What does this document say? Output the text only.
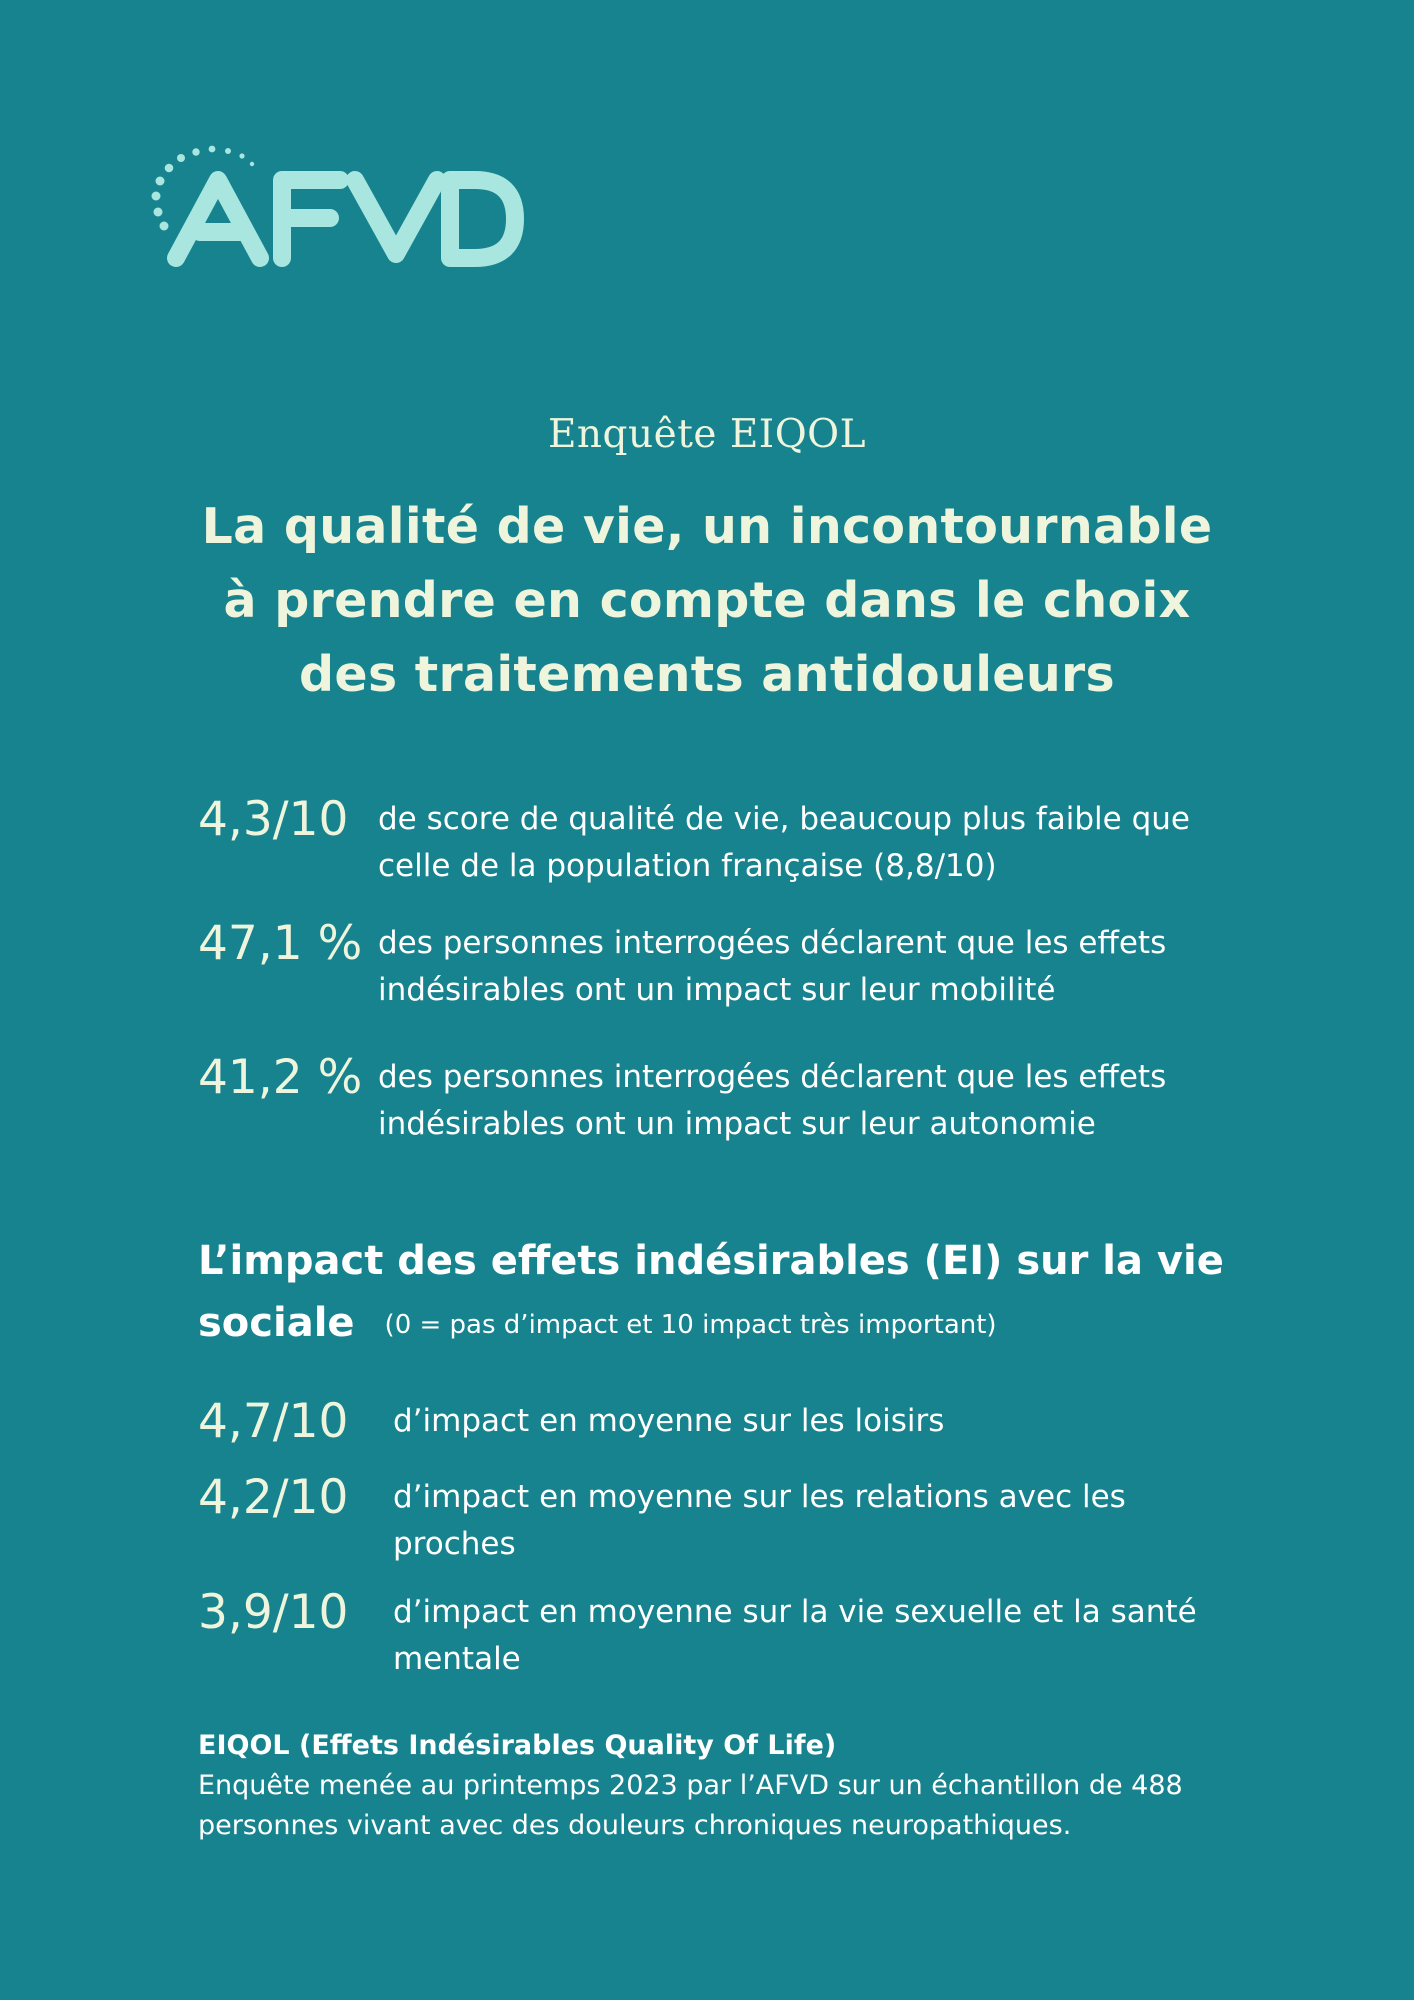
Enquête EIQOL
La qualité de vie, un incontournable
à prendre en compte dans le choix
des traitements antidouleurs
4,3/10 de score de qualité de vie, beaucoup plus faible que
celle de la population française (8,8/10)
47,1 % des personnes interrogées déclarent que les effets
indésirables ont un impact sur leur mobilité
41,2 % des personnes interrogées déclarent que les effets
indésirables ont un impact sur leur autonomie
L’impact des effets indésirables (EI) sur la vie
sociale (0 = pas d’impact et 10 impact très important)
4,7/10 d’impact en moyenne sur les loisirs
4,2/10 d’impact en moyenne sur les relations avec les
proches
3,9/10 d’impact en moyenne sur la vie sexuelle et la santé
mentale
EIQOL (Effets Indésirables Quality Of Life)
Enquête menée au printemps 2023 par l’AFVD sur un échantillon de 488
personnes vivant avec des douleurs chroniques neuropathiques.
